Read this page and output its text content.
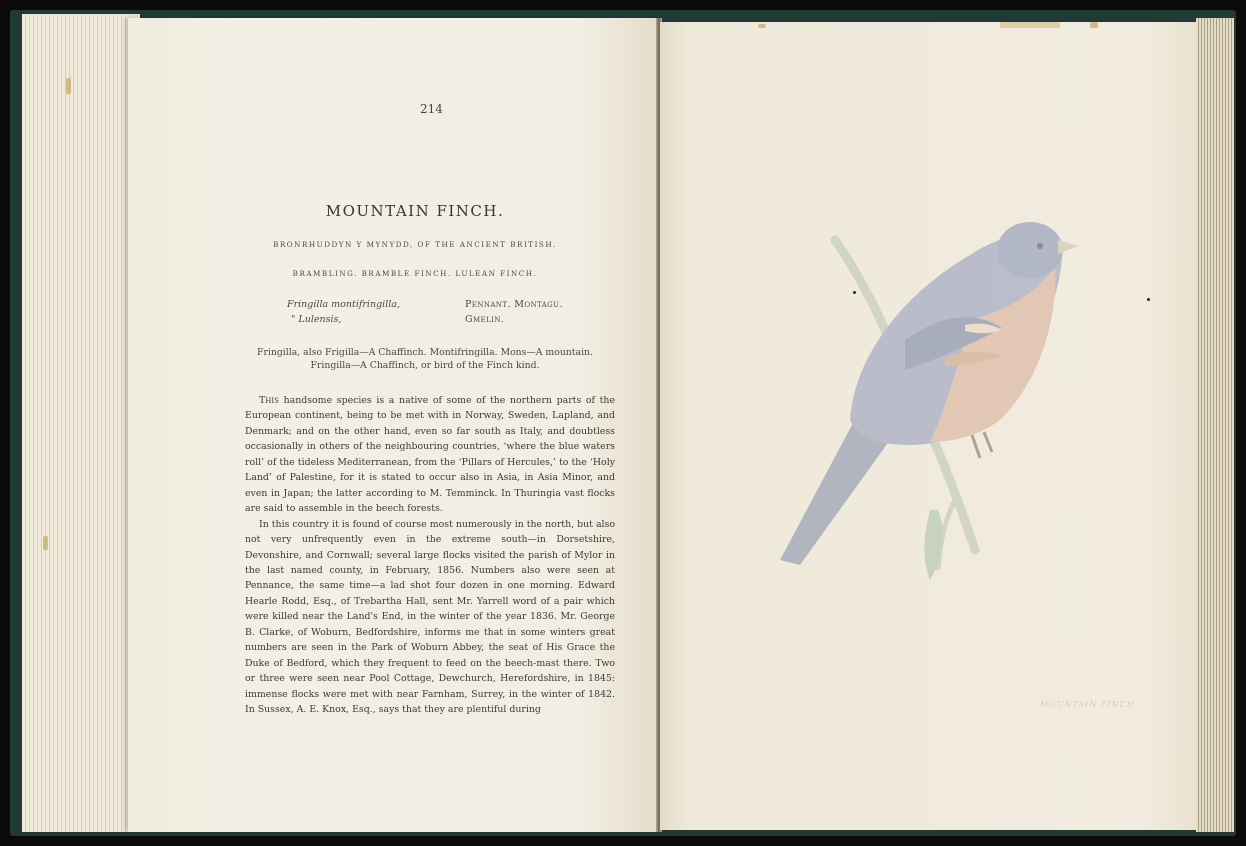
214
MOUNTAIN FINCH.
BRONRHUDDYN Y MYNYDD, OF THE ANCIENT BRITISH.
BRAMBLING. BRAMBLE FINCH. LULEAN FINCH.
Fringilla montifringilla,	Pennant. Montagu.
" Lulensis,	Gmelin.
Fringilla, also Frigilla—A Chaffinch. Montifringilla. Mons—A mountain.
Fringilla—A Chaffinch, or bird of the Finch kind.

This handsome species is a native of some of the northern parts of the European continent, being to be met with in Norway, Sweden, Lapland, and Denmark; and on the other hand, even so far south as Italy, and doubtless occasionally in others of the neighbouring countries, ‘where the blue waters roll’ of the tideless Mediterranean, from the ‘Pillars of Hercules,’ to the ‘Holy Land’ of Palestine, for it is stated to occur also in Asia, in Asia Minor, and even in Japan; the latter according to M. Temminck. In Thuringia vast flocks are said to assemble in the beech forests.

In this country it is found of course most numerously in the north, but also not very unfrequently even in the extreme south—in Dorsetshire, Devonshire, and Cornwall; several large flocks visited the parish of Mylor in the last named county, in February, 1856. Numbers also were seen at Pennance, the same time—a lad shot four dozen in one morning. Edward Hearle Rodd, Esq., of Trebartha Hall, sent Mr. Yarrell word of a pair which were killed near the Land's End, in the winter of the year 1836. Mr. George B. Clarke, of Woburn, Bedfordshire, informs me that in some winters great numbers are seen in the Park of Woburn Abbey, the seat of His Grace the Duke of Bedford, which they frequent to feed on the beech-mast there. Two or three were seen near Pool Cottage, Dewchurch, Herefordshire, in 1845: immense flocks were met with near Farnham, Surrey, in the winter of 1842. In Sussex, A. E. Knox, Esq., says that they are plentiful during	MOUNTAIN FINCH
